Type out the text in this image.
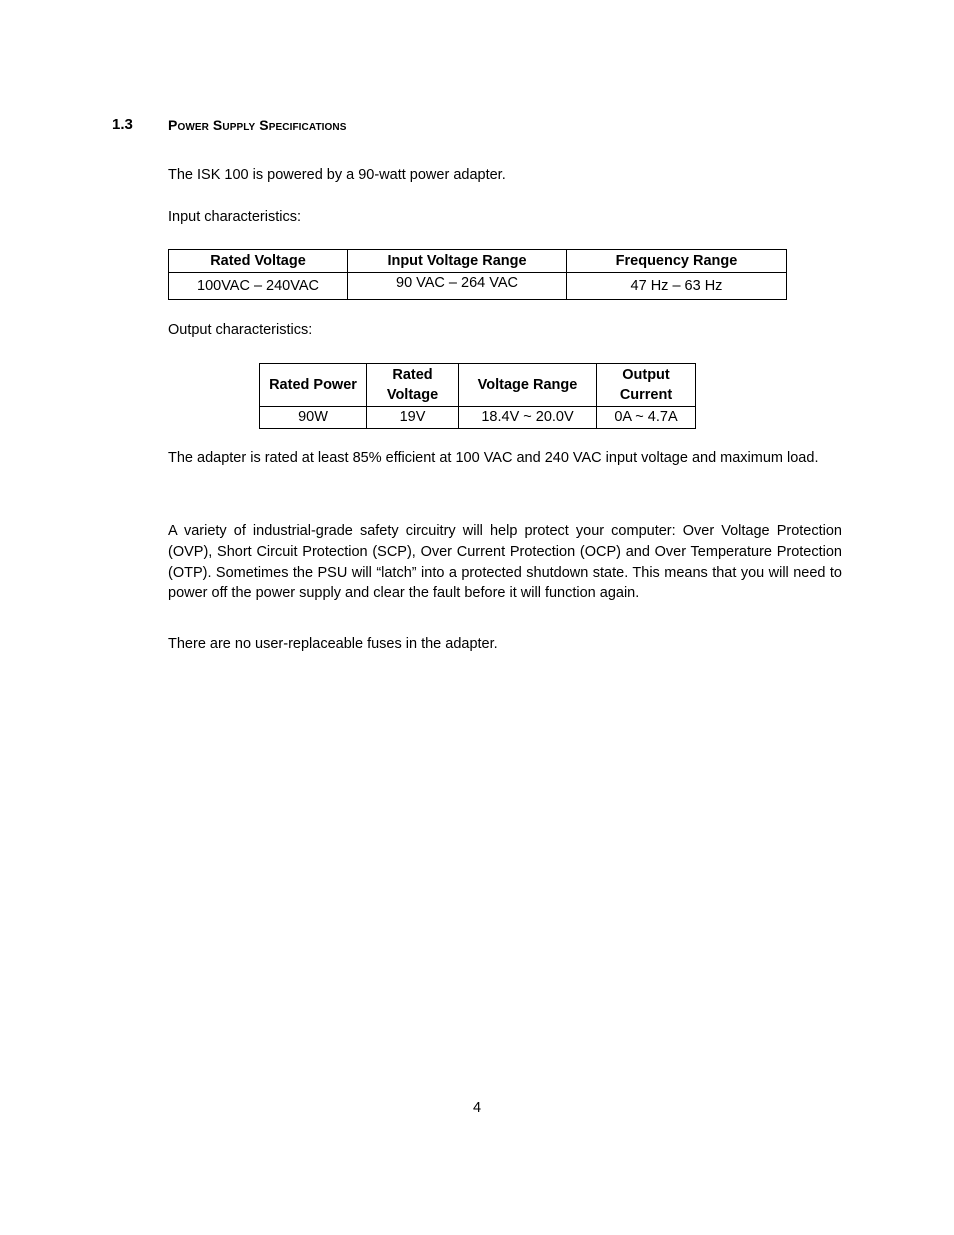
1.3	Power Supply Specifications

The ISK 100 is powered by a 90-watt power adapter.

Input characteristics:

Rated Voltage	Input Voltage Range	Frequency Range
100VAC – 240VAC	90 VAC – 264 VAC	47 Hz – 63 Hz

Output characteristics:

Rated Power	Rated Voltage	Voltage Range	Output Current
90W	19V	18.4V ~ 20.0V	0A ~ 4.7A

The adapter is rated at least 85% efficient at 100 VAC and 240 VAC input voltage and maximum load.

A variety of industrial-grade safety circuitry will help protect your computer: Over Voltage Protection (OVP), Short Circuit Protection (SCP), Over Current Protection (OCP) and Over Temperature Protection (OTP). Sometimes the PSU will “latch” into a protected shutdown state. This means that you will need to power off the power supply and clear the fault before it will function again.

There are no user-replaceable fuses in the adapter.

4
